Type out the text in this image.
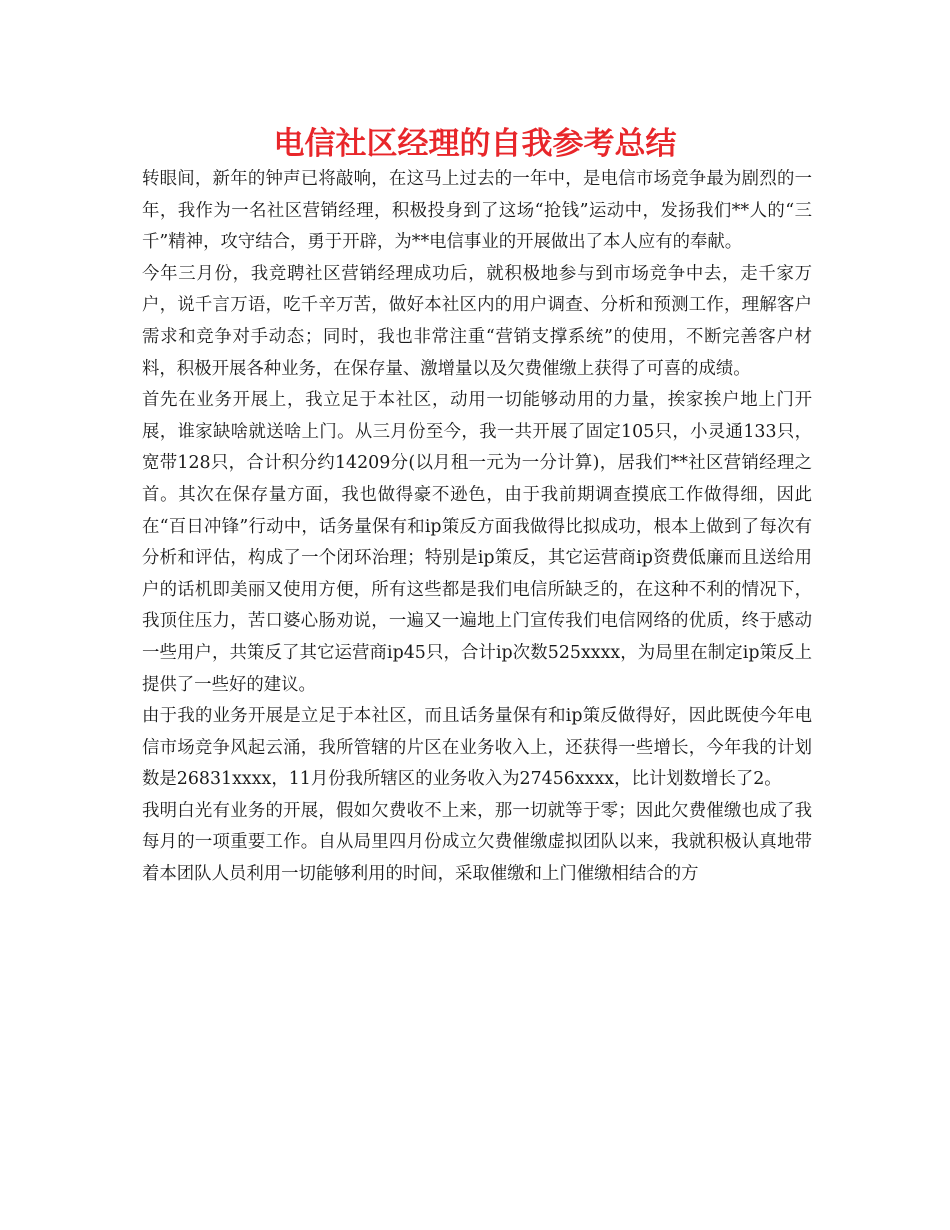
电信社区经理的自我参考总结

转眼间，新年的钟声已将敲响，在这马上过去的一年中，是电信市场竞争最为剧烈的一年，我作为一名社区营销经理，积极投身到了这场“抢钱”运动中，发扬我们**人的“三千”精神，攻守结合，勇于开辟，为**电信事业的开展做出了本人应有的奉献。

今年三月份，我竞聘社区营销经理成功后，就积极地参与到市场竞争中去，走千家万户，说千言万语，吃千辛万苦，做好本社区内的用户调查、分析和预测工作，理解客户需求和竞争对手动态；同时，我也非常注重“营销支撑系统”的使用，不断完善客户材料，积极开展各种业务，在保存量、激增量以及欠费催缴上获得了可喜的成绩。

首先在业务开展上，我立足于本社区，动用一切能够动用的力量，挨家挨户地上门开展，谁家缺啥就送啥上门。从三月份至今，我一共开展了固定105只，小灵通133只，宽带128只，合计积分约14209分(以月租一元为一分计算)，居我们**社区营销经理之首。其次在保存量方面，我也做得豪不逊色，由于我前期调查摸底工作做得细，因此在“百日冲锋”行动中，话务量保有和ip策反方面我做得比拟成功，根本上做到了每次有分析和评估，构成了一个闭环治理；特别是ip策反，其它运营商ip资费低廉而且送给用户的话机即美丽又使用方便，所有这些都是我们电信所缺乏的，在这种不利的情况下，我顶住压力，苦口婆心肠劝说，一遍又一遍地上门宣传我们电信网络的优质，终于感动一些用户，共策反了其它运营商ip45只，合计ip次数525xxxx，为局里在制定ip策反上提供了一些好的建议。

由于我的业务开展是立足于本社区，而且话务量保有和ip策反做得好，因此既使今年电信市场竞争风起云涌，我所管辖的片区在业务收入上，还获得一些增长，今年我的计划数是26831xxxx，11月份我所辖区的业务收入为27456xxxx，比计划数增长了2。

我明白光有业务的开展，假如欠费收不上来，那一切就等于零；因此欠费催缴也成了我每月的一项重要工作。自从局里四月份成立欠费催缴虚拟团队以来，我就积极认真地带着本团队人员利用一切能够利用的时间，采取催缴和上门催缴相结合的方
